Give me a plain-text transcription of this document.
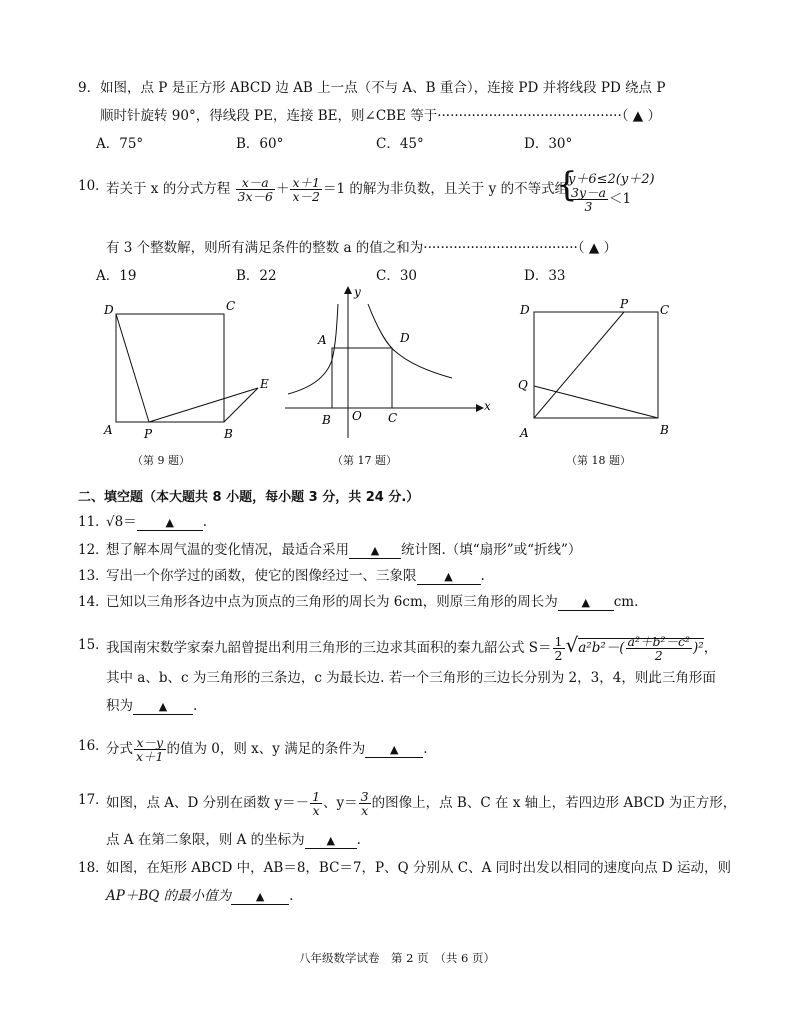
9． 如图，点 P 是正方形 ABCD 边 AB 上一点（不与 A、B 重合），连接 PD 并将线段 PD 绕点 P
顺时针旋转 90°，得线段 PE，连接 BE，则∠CBE 等于···········································（ ▲ ）
A．75°	B．60°	C．45°	D．30°
10．
若关于 x 的分式方程 $\frac{x-a}{3x-6} + \frac{x+1}{x-2} =1$ 的解为非负数，且关于 y 的不等式组
{
y＋6≤2(y＋2)
$\frac{3y-a}{3} <1$
有 3 个整数解，则所有满足条件的整数 a 的值之和为····································（ ▲ ）
A．19	B．22	C．30	D．33
D	C
A	P	B
E
（第 9 题）
y
A	D
B O C
x
（第 17 题）
D	P	C
Q
A	B
（第 18 题）
二、填空题（本大题共 8 小题，每小题 3 分，共 24 分.）
11．
√8＝	▲ .
12．
想了解本周气温的变化情况，最适合采用 ▲ 统计图.（填“扇形”或“折线”）
13．
写出一个你学过的函数，使它的图像经过一、三象限	▲ .
14．
已知以三角形各边中点为顶点的三角形的周长为 6cm，则原三角形的周长为 ▲ cm.
15．
我国南宋数学家秦九韶曾提出利用三角形的三边求其面积的秦九韶公式 $S= \frac{1}{2} √a^2b^2-( \frac{\text{a²＋b²－c²}}{2} )^2$，
其中 a、b、c 为三角形的三条边，c 为最长边. 若一个三角形的三边长分别为 2，3，4，则此三角形面
积为 ▲ .
16．
分式 $\frac{x-y}{x+1}$ 的值为 0，则 x、y 满足的条件为 ▲ .
17．
如图，点 A、D 分别在函数 $y=- \frac{1}{x}$ 、$y= \frac{3}{x}$ 的图像上，点 B、C 在 x 轴上，若四边形 ABCD 为正方形，
点 A 在第二象限，则 A 的坐标为 ▲ .
18．
如图，在矩形 ABCD 中，AB＝8，BC＝7，P、Q 分别从 C、A 同时出发以相同的速度向点 D 运动，则
AP＋BQ 的最小值为 ▲ .
八年级数学试卷　第 2 页　（共 6 页）
